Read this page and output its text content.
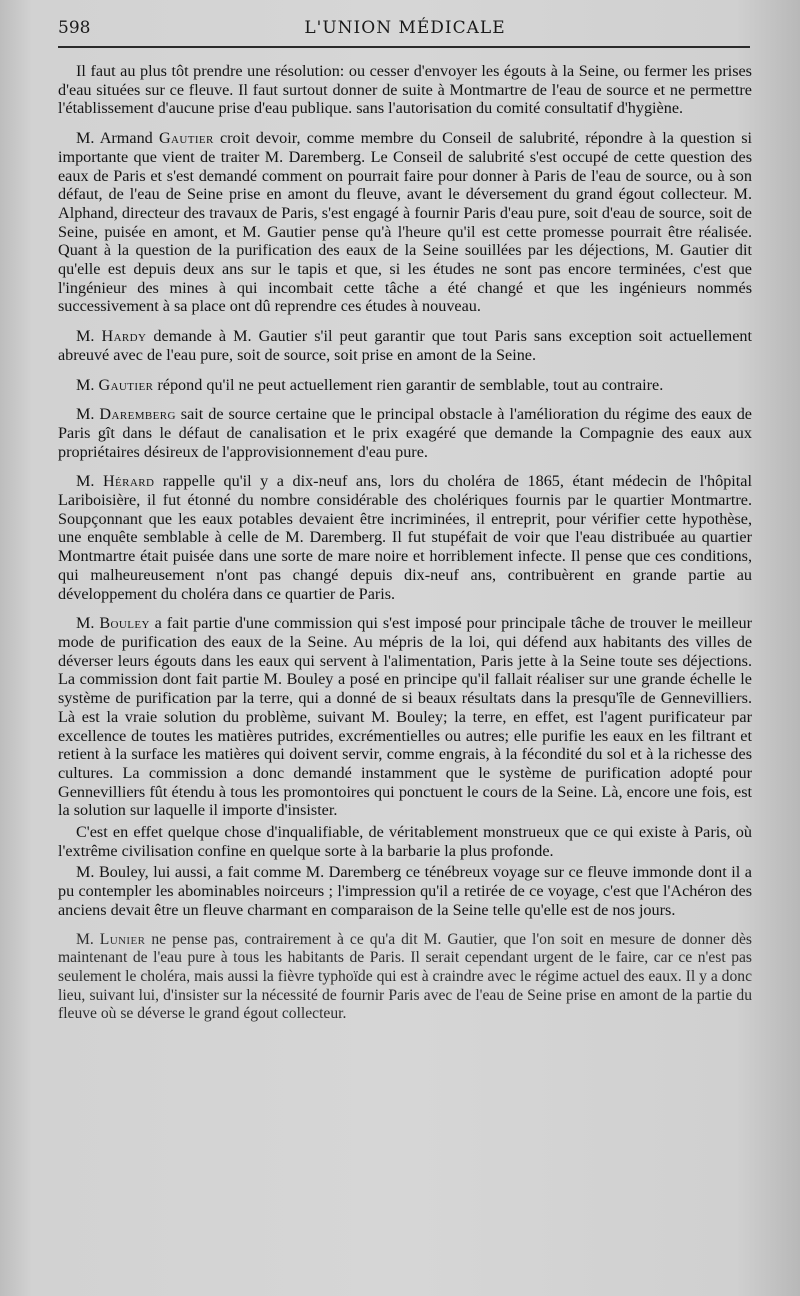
598	L'UNION MÉDICALE

Il faut au plus tôt prendre une résolution: ou cesser d'envoyer les égouts à la Seine, ou fermer les prises d'eau situées sur ce fleuve. Il faut surtout donner de suite à Montmartre de l'eau de source et ne permettre l'établissement d'aucune prise d'eau publique. sans l'autorisation du comité consultatif d'hygiène.

M. Armand Gautier croit devoir, comme membre du Conseil de salubrité, répondre à la question si importante que vient de traiter M. Daremberg. Le Conseil de salubrité s'est occupé de cette question des eaux de Paris et s'est demandé comment on pourrait faire pour donner à Paris de l'eau de source, ou à son défaut, de l'eau de Seine prise en amont du fleuve, avant le déversement du grand égout collecteur. M. Alphand, directeur des travaux de Paris, s'est engagé à fournir Paris d'eau pure, soit d'eau de source, soit de Seine, puisée en amont, et M. Gautier pense qu'à l'heure qu'il est cette promesse pourrait être réalisée. Quant à la question de la purification des eaux de la Seine souillées par les déjections, M. Gautier dit qu'elle est depuis deux ans sur le tapis et que, si les études ne sont pas encore terminées, c'est que l'ingénieur des mines à qui incombait cette tâche a été changé et que les ingénieurs nommés successivement à sa place ont dû reprendre ces études à nouveau.

M. Hardy demande à M. Gautier s'il peut garantir que tout Paris sans exception soit actuellement abreuvé avec de l'eau pure, soit de source, soit prise en amont de la Seine.

M. Gautier répond qu'il ne peut actuellement rien garantir de semblable, tout au contraire.

M. Daremberg sait de source certaine que le principal obstacle à l'amélioration du régime des eaux de Paris gît dans le défaut de canalisation et le prix exagéré que demande la Compagnie des eaux aux propriétaires désireux de l'approvisionnement d'eau pure.

M. Hérard rappelle qu'il y a dix-neuf ans, lors du choléra de 1865, étant médecin de l'hôpital Lariboisière, il fut étonné du nombre considérable des cholériques fournis par le quartier Montmartre. Soupçonnant que les eaux potables devaient être incriminées, il entreprit, pour vérifier cette hypothèse, une enquête semblable à celle de M. Daremberg. Il fut stupéfait de voir que l'eau distribuée au quartier Montmartre était puisée dans une sorte de mare noire et horriblement infecte. Il pense que ces conditions, qui malheureusement n'ont pas changé depuis dix-neuf ans, contribuèrent en grande partie au développement du choléra dans ce quartier de Paris.

M. Bouley a fait partie d'une commission qui s'est imposé pour principale tâche de trouver le meilleur mode de purification des eaux de la Seine. Au mépris de la loi, qui défend aux habitants des villes de déverser leurs égouts dans les eaux qui servent à l'alimentation, Paris jette à la Seine toute ses déjections. La commission dont fait partie M. Bouley a posé en principe qu'il fallait réaliser sur une grande échelle le système de purification par la terre, qui a donné de si beaux résultats dans la presqu'île de Gennevilliers. Là est la vraie solution du problème, suivant M. Bouley; la terre, en effet, est l'agent purificateur par excellence de toutes les matières putrides, excrémentielles ou autres; elle purifie les eaux en les filtrant et retient à la surface les matières qui doivent servir, comme engrais, à la fécondité du sol et à la richesse des cultures. La commission a donc demandé instamment que le système de purification adopté pour Gennevilliers fût étendu à tous les promontoires qui ponctuent le cours de la Seine. Là, encore une fois, est la solution sur laquelle il importe d'insister.

C'est en effet quelque chose d'inqualifiable, de véritablement monstrueux que ce qui existe à Paris, où l'extrême civilisation confine en quelque sorte à la barbarie la plus profonde.

M. Bouley, lui aussi, a fait comme M. Daremberg ce ténébreux voyage sur ce fleuve immonde dont il a pu contempler les abominables noirceurs ; l'impression qu'il a retirée de ce voyage, c'est que l'Achéron des anciens devait être un fleuve charmant en comparaison de la Seine telle qu'elle est de nos jours.

M. Lunier ne pense pas, contrairement à ce qu'a dit M. Gautier, que l'on soit en mesure de donner dès maintenant de l'eau pure à tous les habitants de Paris. Il serait cependant urgent de le faire, car ce n'est pas seulement le choléra, mais aussi la fièvre typhoïde qui est à craindre avec le régime actuel des eaux. Il y a donc lieu, suivant lui, d'insister sur la nécessité de fournir Paris avec de l'eau de Seine prise en amont de la partie du fleuve où se déverse le grand égout collecteur.
